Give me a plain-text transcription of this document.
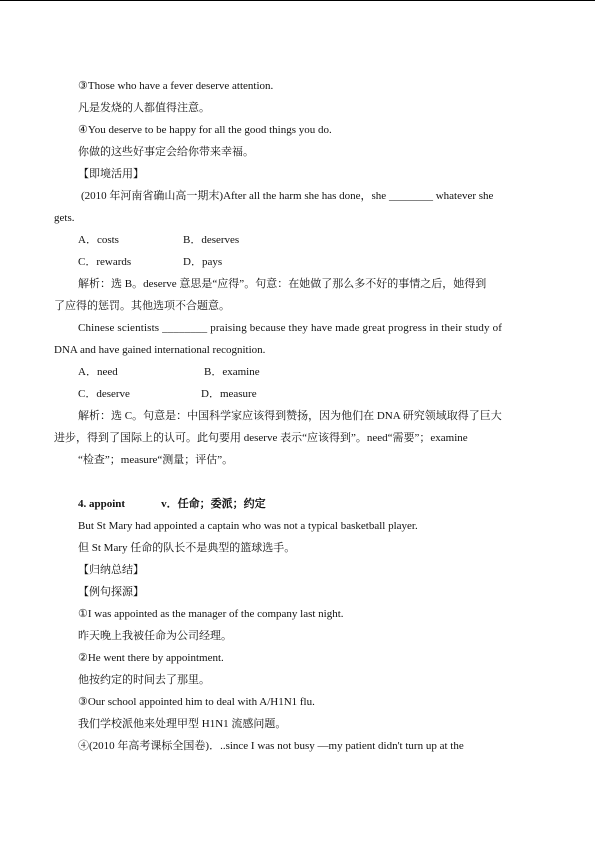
③Those who have a fever deserve attention.
凡是发烧的人都值得注意。
④You deserve to be happy for all the good things you do.
你做的这些好事定会给你带来幸福。
【即境活用】
(2010 年河南省确山高一期末)After all the harm she has done，she ________ whatever she
gets.
A．costs	B．deserves
C．rewards	D．pays
解析：选 B。deserve 意思是“应得”。句意：在她做了那么多不好的事情之后，她得到
了应得的惩罚。其他选项不合题意。
Chinese scientists ________ praising because they have made great progress in their study of
DNA and have gained international recognition.
A．need	B．examine
C．deserve	D．measure
解析：选 C。句意是：中国科学家应该得到赞扬，因为他们在 DNA 研究领域取得了巨大
进步，得到了国际上的认可。此句要用 deserve 表示“应该得到”。need“需要”；examine
“检查”；measure“测量；评估”。
4. appoint	v．任命；委派；约定
But St Mary had appointed a captain who was not a typical basketball player.
但 St Mary 任命的队长不是典型的篮球选手。
【归纳总结】
【例句探源】
①I was appointed as the manager of the company last night.
昨天晚上我被任命为公司经理。
②He went there by appointment.
他按约定的时间去了那里。
③Our school appointed him to deal with A/H1N1 flu.
我们学校派他来处理甲型 H1N1 流感问题。
④(2010 年高考课标全国卷)．..since I was not busy —my patient didn't turn up at the
